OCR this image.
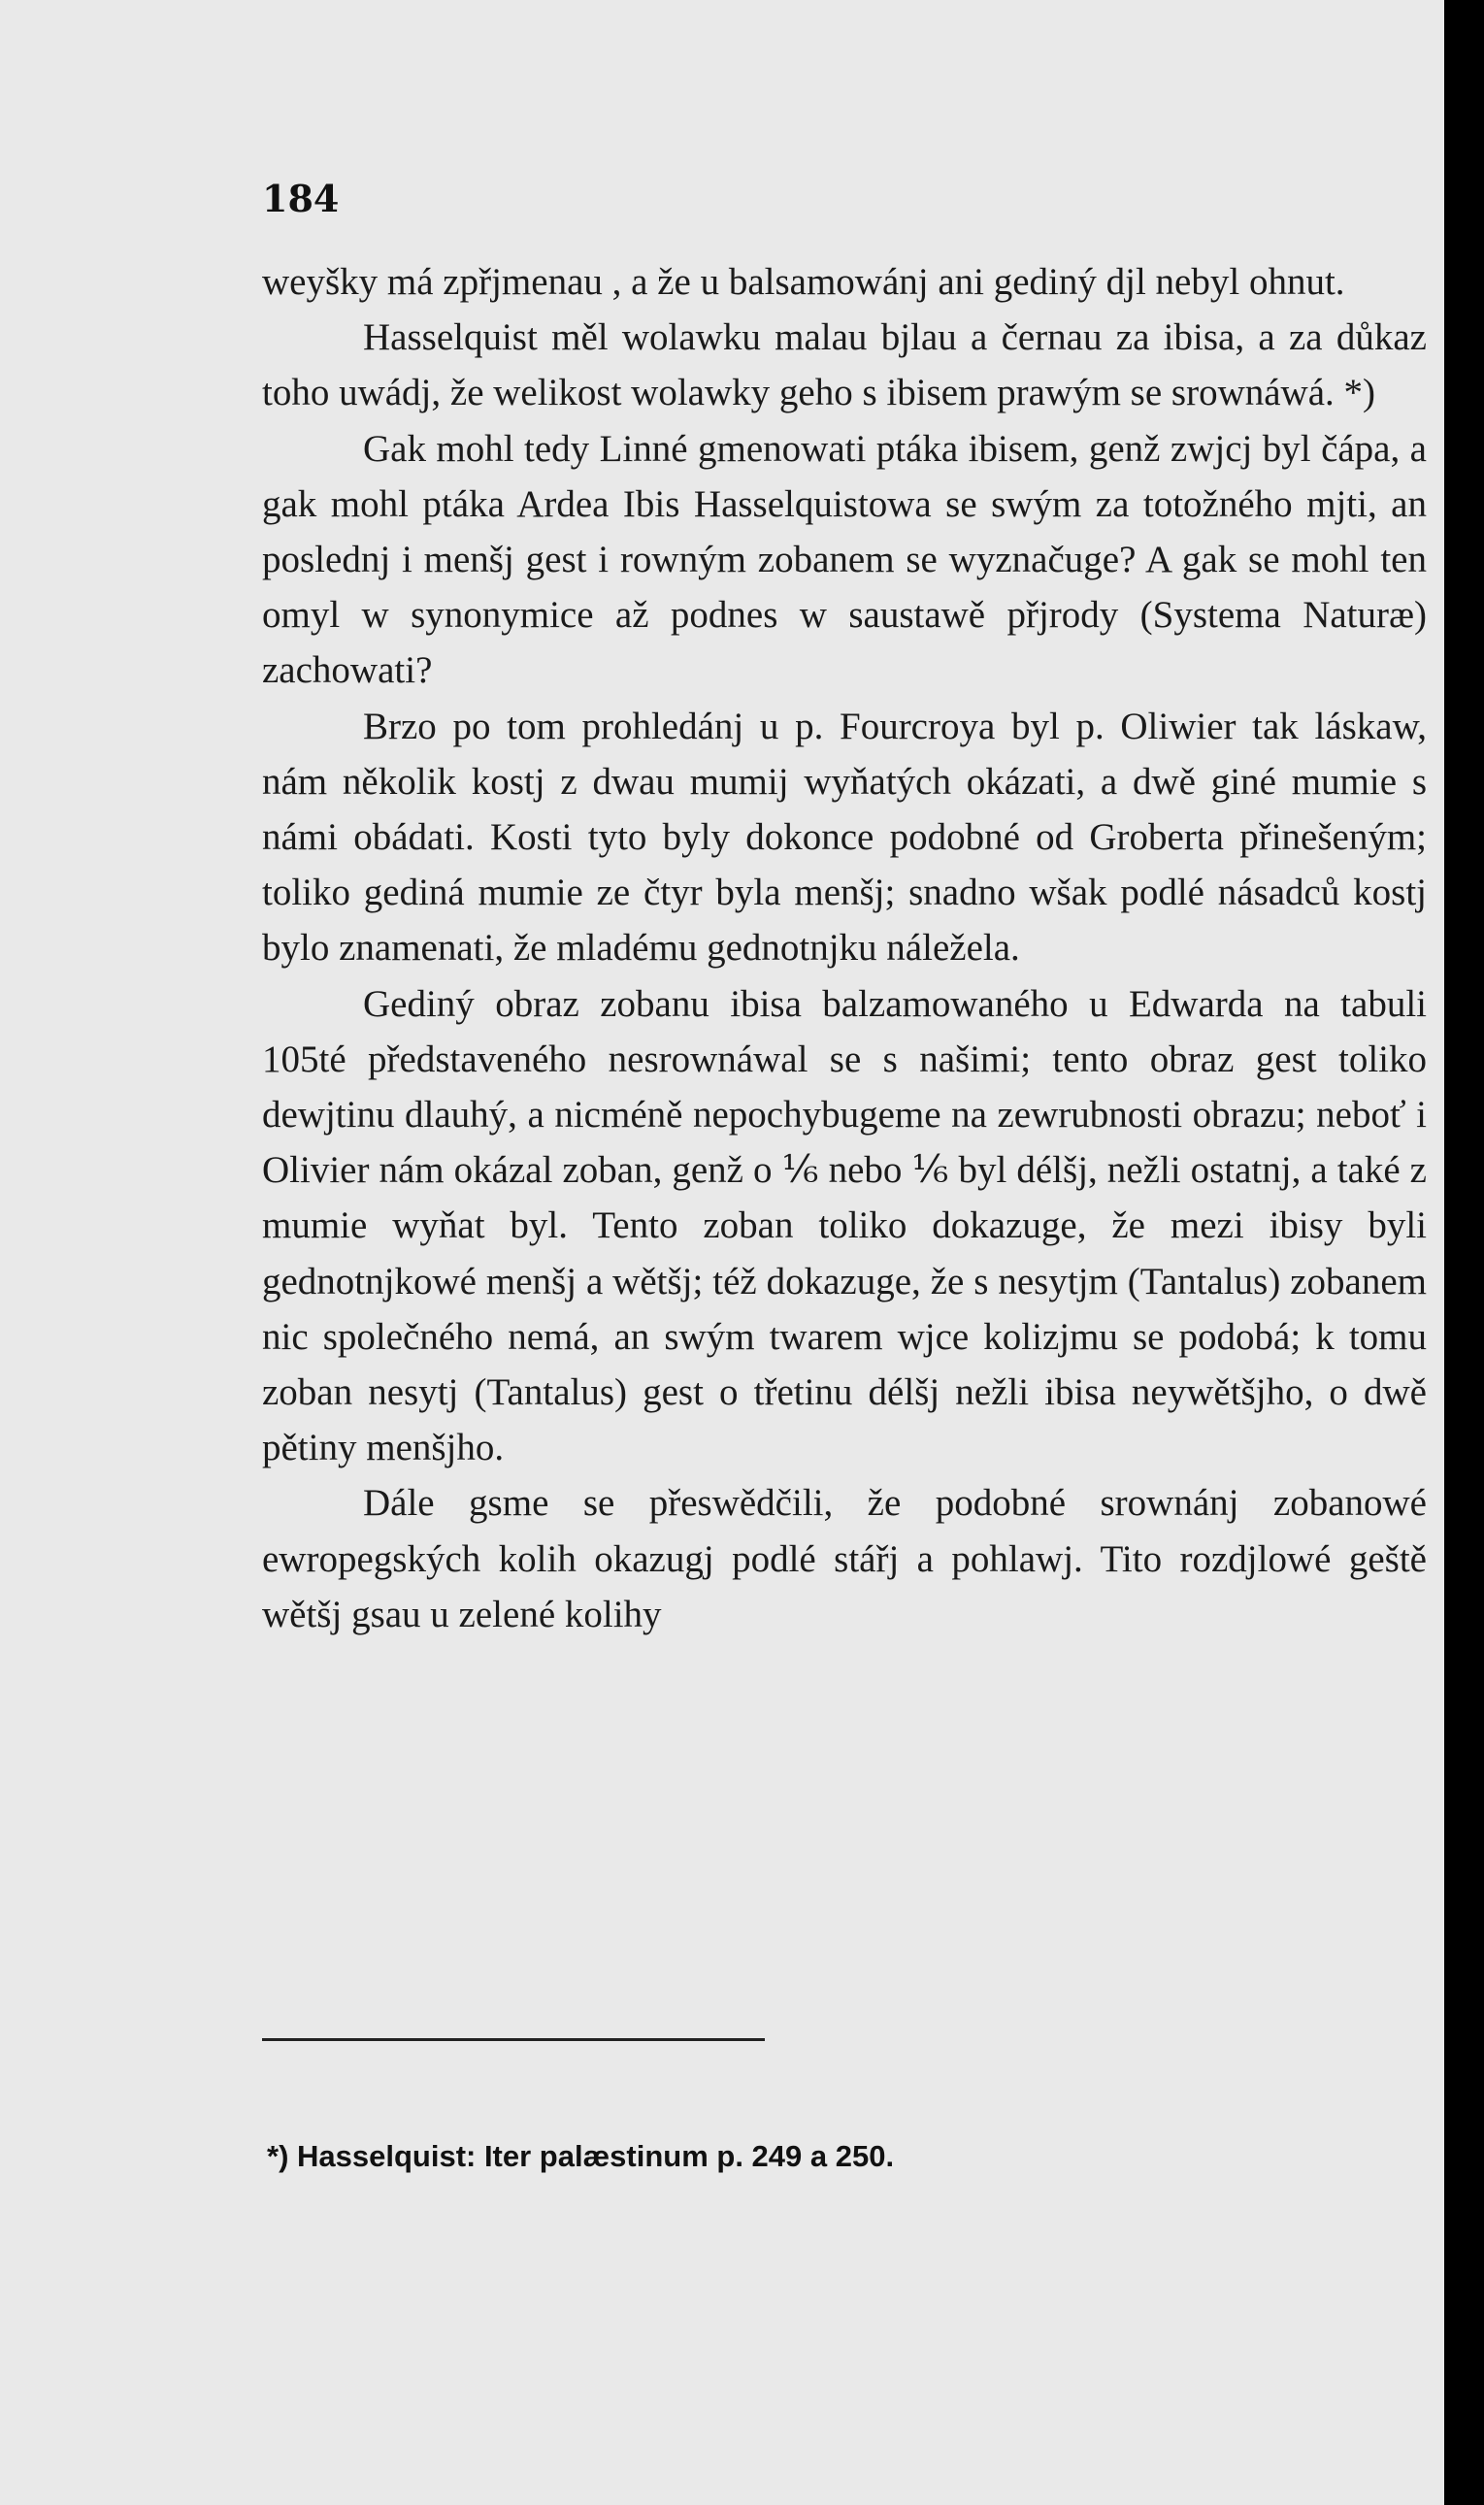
184

weyšky má zpřjmenau , a že u balsamowánj ani gediný djl nebyl ohnut.

Hasselquist měl wolawku malau bjlau a černau za ibisa, a za důkaz toho uwádj, že welikost wolawky geho s ibisem prawým se srownáwá. *)

Gak mohl tedy Linné gmenowati ptáka ibisem, genž zwjcj byl čápa, a gak mohl ptáka Ardea Ibis Hasselquistowa se swým za totožného mjti, an poslednj i menšj gest i rowným zobanem se wyznačuge? A gak se mohl ten omyl w synonymice až podnes w saustawě přjrody (Systema Naturæ) zachowati?

Brzo po tom prohledánj u p. Fourcroya byl p. Oliwier tak láskaw, nám několik kostj z dwau mumij wyňatých okázati, a dwě giné mumie s námi obádati. Kosti tyto byly dokonce podobné od Groberta přinešeným; toliko gediná mumie ze čtyr byla menšj; snadno wšak podlé násadců kostj bylo znamenati, že mladému gednotnjku náležela.

Gediný obraz zobanu ibisa balzamowaného u Edwarda na tabuli 105té představeného nesrownáwal se s našimi; tento obraz gest toliko dewjtinu dlauhý, a nicméně nepochybugeme na zewrubnosti obrazu; neboť i Olivier nám okázal zoban, genž o ⅙ nebo ⅙ byl délšj, nežli ostatnj, a také z mumie wyňat byl. Tento zoban toliko dokazuge, že mezi ibisy byli gednotnjkowé menšj a wětšj; též dokazuge, že s nesytjm (Tantalus) zobanem nic společného nemá, an swým twarem wjce kolizjmu se podobá; k tomu zoban nesytj (Tantalus) gest o třetinu délšj nežli ibisa neywětšjho, o dwě pětiny menšjho.

Dále gsme se přeswědčili, že podobné srownánj zobanowé ewropegských kolih okazugj podlé stářj a pohlawj. Tito rozdjlowé geště wětšj gsau u zelené kolihy

*) Hasselquist: Iter palæstinum p. 249 a 250.
